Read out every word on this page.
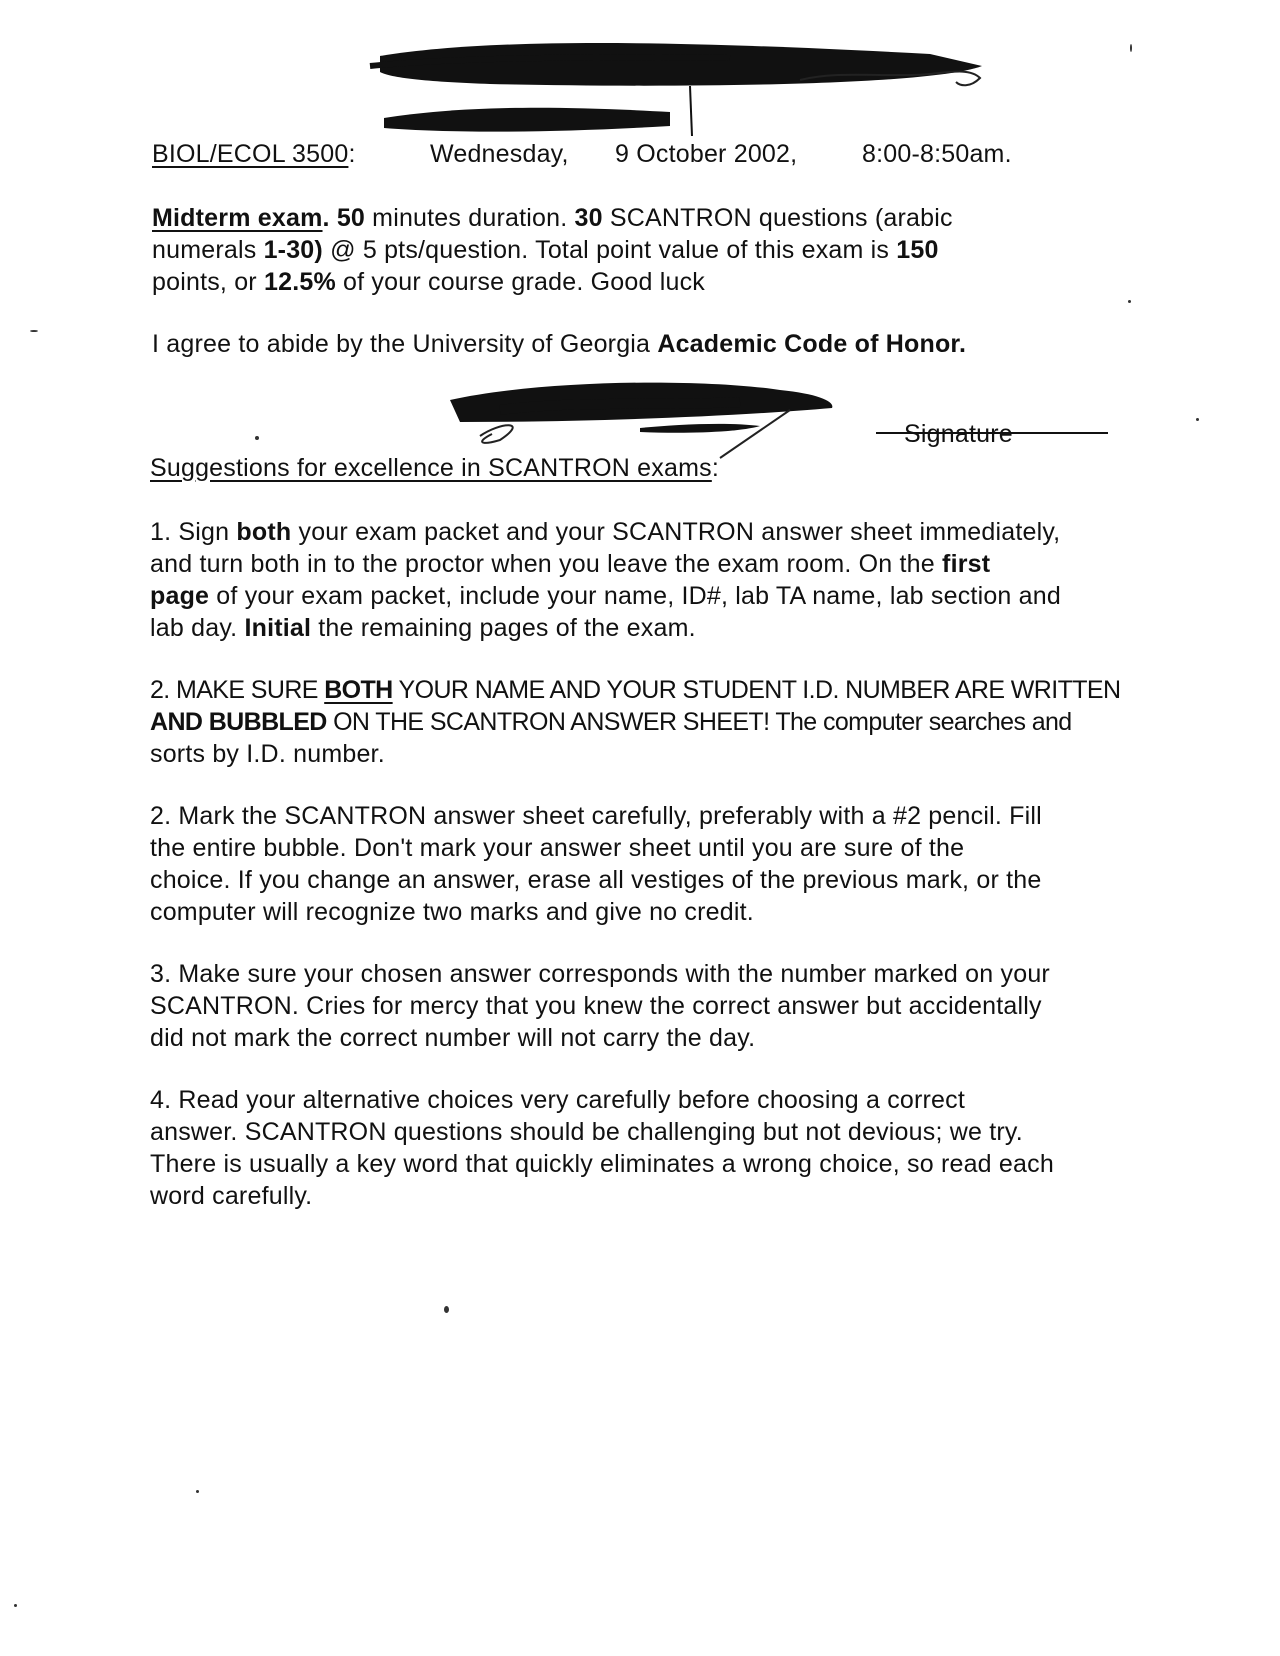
BIOL/ECOL 3500:	Wednesday, 9 October 2002,	8:00-8:50am.
Midterm exam. 50 minutes duration. 30 SCANTRON questions (arabic
numerals 1-30) @ 5 pts/question. Total point value of this exam is 150
points, or 12.5% of your course grade. Good luck
I agree to abide by the University of Georgia Academic Code of Honor.
Signature
Suggestions for excellence in SCANTRON exams:
1. Sign both your exam packet and your SCANTRON answer sheet immediately,
and turn both in to the proctor when you leave the exam room. On the first
page of your exam packet, include your name, ID#, lab TA name, lab section and
lab day. Initial the remaining pages of the exam.
2. MAKE SURE BOTH YOUR NAME AND YOUR STUDENT I.D. NUMBER ARE WRITTEN
AND BUBBLED ON THE SCANTRON ANSWER SHEET! The computer searches and
sorts by I.D. number.
2. Mark the SCANTRON answer sheet carefully, preferably with a #2 pencil. Fill
the entire bubble. Don't mark your answer sheet until you are sure of the
choice. If you change an answer, erase all vestiges of the previous mark, or the
computer will recognize two marks and give no credit.
3. Make sure your chosen answer corresponds with the number marked on your
SCANTRON. Cries for mercy that you knew the correct answer but accidentally
did not mark the correct number will not carry the day.
4. Read your alternative choices very carefully before choosing a correct
answer. SCANTRON questions should be challenging but not devious; we try.
There is usually a key word that quickly eliminates a wrong choice, so read each
word carefully.
